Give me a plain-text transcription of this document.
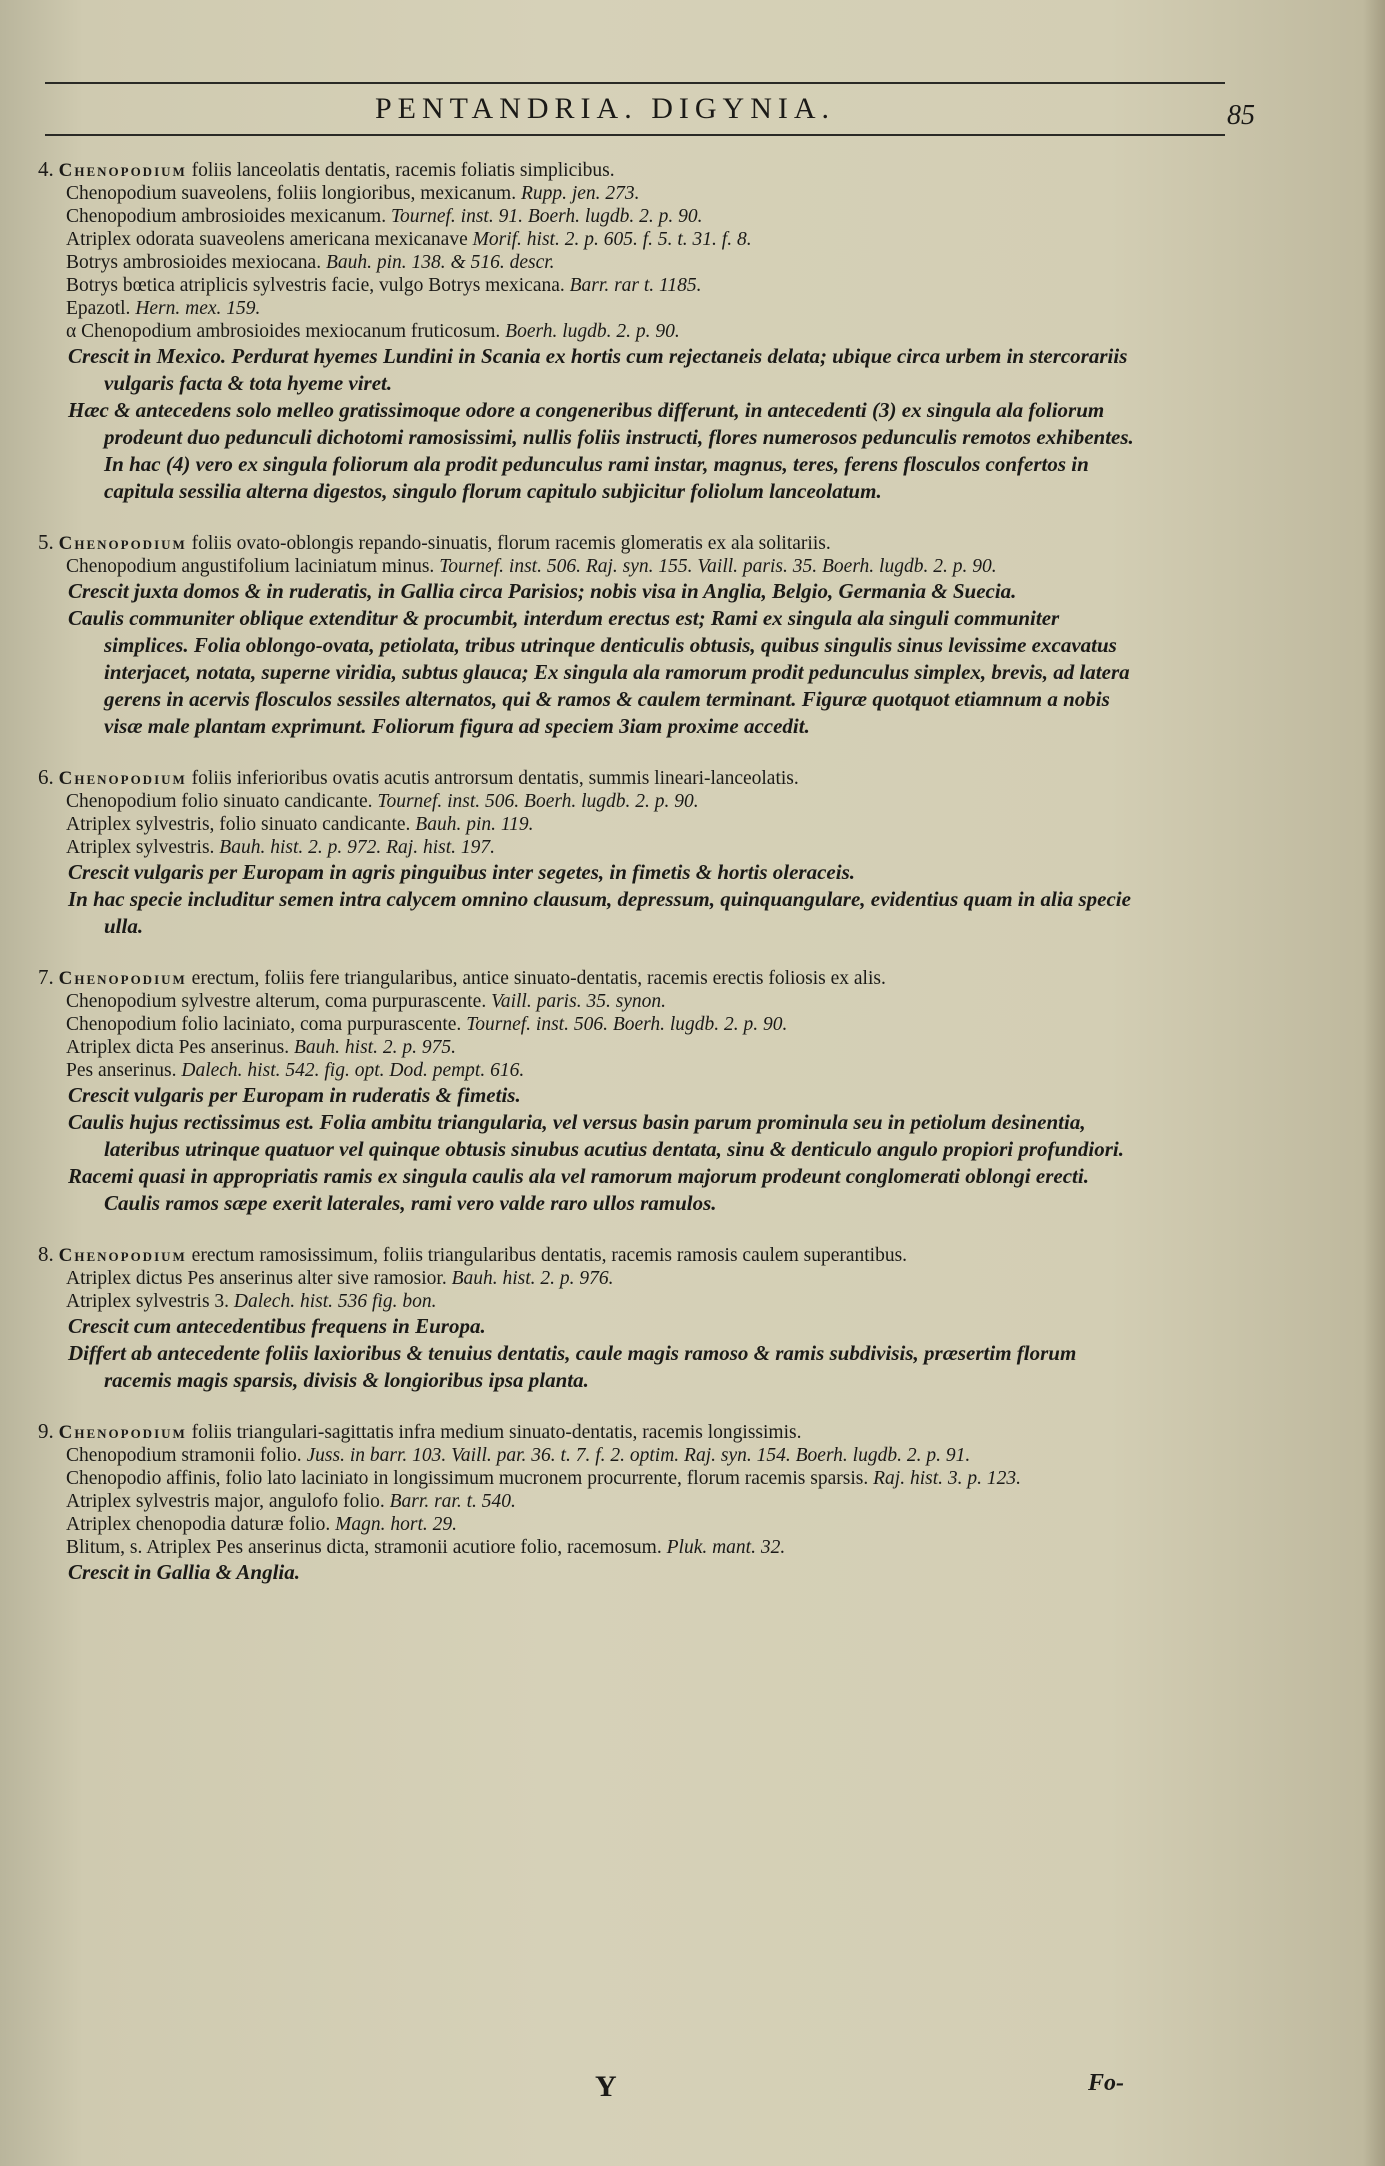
PENTANDRIA. DIGYNIA.	85

4. Chenopodium foliis lanceolatis dentatis, racemis foliatis simplicibus.

Chenopodium suaveolens, foliis longioribus, mexicanum. Rupp. jen. 273.

Chenopodium ambrosioides mexicanum. Tournef. inst. 91. Boerh. lugdb. 2. p. 90.

Atriplex odorata suaveolens americana mexicanave Morif. hist. 2. p. 605. f. 5. t. 31. f. 8.

Botrys ambrosioides mexiocana. Bauh. pin. 138. & 516. descr.

Botrys bœtica atriplicis sylvestris facie, vulgo Botrys mexicana. Barr. rar t. 1185.

Epazotl. Hern. mex. 159.

α Chenopodium ambrosioides mexiocanum fruticosum. Boerh. lugdb. 2. p. 90.

Crescit in Mexico. Perdurat hyemes Lundini in Scania ex hortis cum rejectaneis delata; ubique circa urbem in stercorariis vulgaris facta & tota hyeme viret.

Hæc & antecedens solo melleo gratissimoque odore a congeneribus differunt, in antecedenti (3) ex singula ala foliorum prodeunt duo pedunculi dichotomi ramosissimi, nullis foliis instructi, flores numerosos pedunculis remotos exhibentes. In hac (4) vero ex singula foliorum ala prodit pedunculus rami instar, magnus, teres, ferens flosculos confertos in capitula sessilia alterna digestos, singulo florum capitulo subjicitur foliolum lanceolatum.

5. Chenopodium foliis ovato-oblongis repando-sinuatis, florum racemis glomeratis ex ala solitariis.

Chenopodium angustifolium laciniatum minus. Tournef. inst. 506. Raj. syn. 155. Vaill. paris. 35. Boerh. lugdb. 2. p. 90.

Crescit juxta domos & in ruderatis, in Gallia circa Parisios; nobis visa in Anglia, Belgio, Germania & Suecia.

Caulis communiter oblique extenditur & procumbit, interdum erectus est; Rami ex singula ala singuli communiter simplices. Folia oblongo-ovata, petiolata, tribus utrinque denticulis obtusis, quibus singulis sinus levissime excavatus interjacet, notata, superne viridia, subtus glauca; Ex singula ala ramorum prodit pedunculus simplex, brevis, ad latera gerens in acervis flosculos sessiles alternatos, qui & ramos & caulem terminant. Figuræ quotquot etiamnum a nobis visæ male plantam exprimunt. Foliorum figura ad speciem 3iam proxime accedit.

6. Chenopodium foliis inferioribus ovatis acutis antrorsum dentatis, summis lineari-lanceolatis.

Chenopodium folio sinuato candicante. Tournef. inst. 506. Boerh. lugdb. 2. p. 90.

Atriplex sylvestris, folio sinuato candicante. Bauh. pin. 119.

Atriplex sylvestris. Bauh. hist. 2. p. 972. Raj. hist. 197.

Crescit vulgaris per Europam in agris pinguibus inter segetes, in fimetis & hortis oleraceis.

In hac specie includitur semen intra calycem omnino clausum, depressum, quinquangulare, evidentius quam in alia specie ulla.

7. Chenopodium erectum, foliis fere triangularibus, antice sinuato-dentatis, racemis erectis foliosis ex alis.

Chenopodium sylvestre alterum, coma purpurascente. Vaill. paris. 35. synon.

Chenopodium folio laciniato, coma purpurascente. Tournef. inst. 506. Boerh. lugdb. 2. p. 90.

Atriplex dicta Pes anserinus. Bauh. hist. 2. p. 975.

Pes anserinus. Dalech. hist. 542. fig. opt. Dod. pempt. 616.

Crescit vulgaris per Europam in ruderatis & fimetis.

Caulis hujus rectissimus est. Folia ambitu triangularia, vel versus basin parum prominula seu in petiolum desinentia, lateribus utrinque quatuor vel quinque obtusis sinubus acutius dentata, sinu & denticulo angulo propiori profundiori.

Racemi quasi in appropriatis ramis ex singula caulis ala vel ramorum majorum prodeunt conglomerati oblongi erecti. Caulis ramos sæpe exerit laterales, rami vero valde raro ullos ramulos.

8. Chenopodium erectum ramosissimum, foliis triangularibus dentatis, racemis ramosis caulem superantibus.

Atriplex dictus Pes anserinus alter sive ramosior. Bauh. hist. 2. p. 976.

Atriplex sylvestris 3. Dalech. hist. 536 fig. bon.

Crescit cum antecedentibus frequens in Europa.

Differt ab antecedente foliis laxioribus & tenuius dentatis, caule magis ramoso & ramis subdivisis, præsertim florum racemis magis sparsis, divisis & longioribus ipsa planta.

9. Chenopodium foliis triangulari-sagittatis infra medium sinuato-dentatis, racemis longissimis.

Chenopodium stramonii folio. Juss. in barr. 103. Vaill. par. 36. t. 7. f. 2. optim. Raj. syn. 154. Boerh. lugdb. 2. p. 91.

Chenopodio affinis, folio lato laciniato in longissimum mucronem procurrente, florum racemis sparsis. Raj. hist. 3. p. 123.

Atriplex sylvestris major, angulofo folio. Barr. rar. t. 540.

Atriplex chenopodia daturæ folio. Magn. hort. 29.

Blitum, s. Atriplex Pes anserinus dicta, stramonii acutiore folio, racemosum. Pluk. mant. 32.

Crescit in Gallia & Anglia.

Y	Fo-
